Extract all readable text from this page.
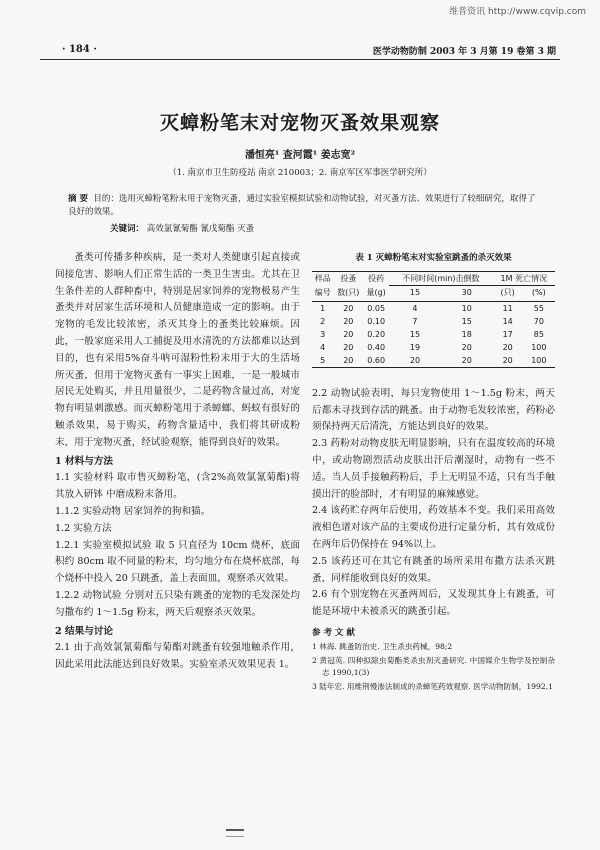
维普资讯 http://www.cqvip.com
· 184 ·	医学动物防制 2003 年 3 月第 19 卷第 3 期
灭蟑粉笔末对宠物灭蚤效果观察
潘恒亮¹ 查河霞¹ 姜志宽²
（1. 南京市卫生防疫站 南京 210003；2. 南京军区军事医学研究所）
摘 要 目的：选用灭蟑粉笔粉末用于宠物灭蚤，通过实验室模拟试验和动物试验，对灭蚤方法、效果进行了较细研究，取得了良好的效果。
关键词： 高效氯氰菊酯 氰戊菊酯 灭蚤

蚤类可传播多种疾病，是一类对人类健康引起直接或间接危害、影响人们正常生活的一类卫生害虫。尤其在卫生条件差的人群种畜中，特别是居家饲养的宠物极易产生蚤类并对居家生活环境和人员健康造成一定的影响。由于宠物的毛发比较浓密，杀灭其身上的蚤类比较麻烦。因此，一般家庭采用人工捕捉及用水清洗的方法都难以达到目的，也有采用5%奋斗呐可湿粉性粉末用于大的生活场所灭蚤，但用于宠物灭蚤有一事实上困难，一是一般城市居民无处购买，并且用量很少，二是药物含量过高，对宠物有明显刺激感。而灭蟑粉笔用于杀蟑螂、蚂蚁有很好的触杀效果，易于购买，药物含量适中，我们将其研成粉末，用于宠物灭蚤，经试验观察，能得到良好的效果。

1 材料与方法

1.1 实验材料 取市售灭蟑粉笔，(含2%高效氯氰菊酯)将其放入研钵 中磨成粉末备用。

1.1.2 实验动物 居家饲养的狗和猫。

1.2 实验方法

1.2.1 实验室模拟试验 取 5 只直径为 10cm 烧杯，底面积约 80cm 取不同量的粉末，均匀地分布在烧杯底部，每个烧杯中投入 20 只跳蚤，盖上表面皿，观察杀灭效果。

1.2.2 动物试验 分别对五只染有跳蚤的宠物的毛发深处均匀撒布约 1～1.5g 粉末，两天后观察杀灭效果。

2 结果与讨论

2.1 由于高效氯氰菊酯与菊酯对跳蚤有较强地触杀作用，因此采用此法能达到良好效果。实验室杀灭效果见表 1。

表 1 灭蟑粉笔末对实验室跳蚤的杀灭效果
样品	投蚤	投药	不同时间(min)击倒数		1M 死亡情况	
编号	数(只)	量(g)	15	30	(只)	(%)

1	20	0.05	4	10	11	55
2	20	0.10	7	15	14	70
3	20	0.20	15	18	17	85
4	20	0.40	19	20	20	100
5	20	0.60	20	20	20	100

2.2 动物试验表明，每只宠物使用 1～1.5g 粉末，两天后都未寻找到存活的跳蚤。由于动物毛发较浓密，药粉必须保持两天后清洗，方能达到良好的效果。

2.3 药粉对动物皮肤无明显影响，只有在温度较高的环境中，或动物剧烈活动皮肤出汗后潮湿时，动物有一些不适。当人员手接触药粉后，手上无明显不适，只有当手触摸出汗的脸部时，才有明显的麻辣感觉。

2.4 该药贮存两年后使用，药效基本不变。我们采用高效液相色谱对该产品的主要成份进行定量分析，其有效成份在两年后仍保持在 94%以上。

2.5 该药还可在其它有跳蚤的场所采用布撒方法杀灭跳蚤，同样能收到良好的效果。

2.6 有个别宠物在灭蚤两周后，又发现其身上有跳蚤，可能是环境中未被杀灭的跳蚤引起。

参 考 文 献

1 林海. 跳蚤防治史. 卫生杀虫药械，98;2

2 黄冠英. 四种拟除虫菊酯类杀虫剂灭蚤研究. 中国媒介生物学及控制杂志 1990,1(3)

3 陆年宏. 用维荆慢渗法制成的杀蟑笔药效观察. 医学动物防制，1992,1
